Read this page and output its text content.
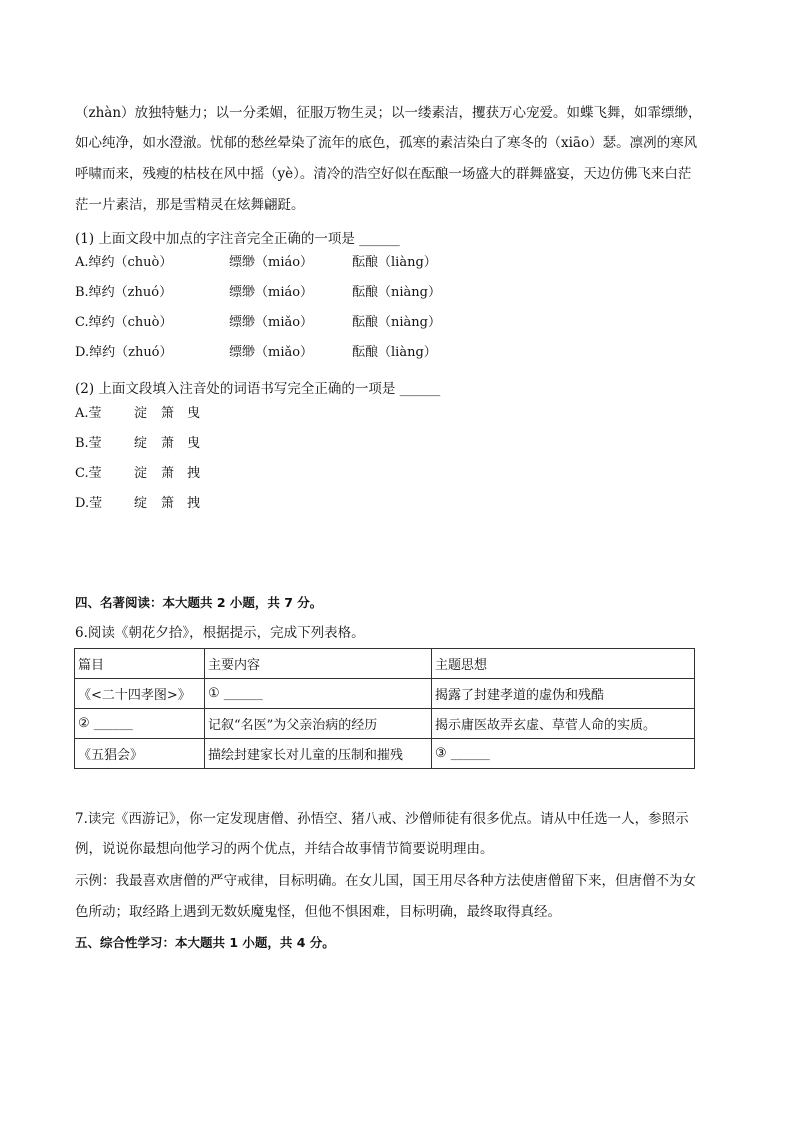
（zhàn）放独特魅力；以一分柔媚，征服万物生灵；以一缕素洁，攫获万心宠爱。如蝶飞舞，如霏缥缈，
如心纯净，如水澄澈。忧郁的愁丝晕染了流年的底色，孤寒的素洁染白了寒冬的（xiāo）瑟。凛冽的寒风
呼啸而来，残瘦的枯枝在风中摇（yè）。清冷的浩空好似在酝酿一场盛大的群舞盛宴，天边仿佛飞来白茫
茫一片素洁，那是雪精灵在炫舞翩跹。
(1) 上面文段中加点的字注音完全正确的一项是 ______
A.绰约（chuò）	缥缈（miáo）	酝酿（liàng）
B.绰约（zhuó）	缥缈（miáo）	酝酿（niàng）
C.绰约（chuò）	缥缈（miǎo）	酝酿（niàng）
D.绰约（zhuó）	缥缈（miǎo）	酝酿（liàng）
(2) 上面文段填入注音处的词语书写完全正确的一项是 ______
A.莹 淀 箫 曳
B.莹 绽 萧 曳
C.莹 淀 萧 拽
D.莹 绽 箫 拽
四、名著阅读：本大题共 2 小题，共 7 分。
6.阅读《朝花夕拾》，根据提示，完成下列表格。
篇目	主要内容	主题思想
《<二十四孝图>》	① ______	揭露了封建孝道的虚伪和残酷
② ______	记叙“名医”为父亲治病的经历	揭示庸医故弄玄虚、草菅人命的实质。
《五猖会》	描绘封建家长对儿童的压制和摧残	③ ______
7.读完《西游记》，你一定发现唐僧、孙悟空、猪八戒、沙僧师徒有很多优点。请从中任选一人，参照示
例，说说你最想向他学习的两个优点，并结合故事情节简要说明理由。
示例：我最喜欢唐僧的严守戒律，目标明确。在女儿国，国王用尽各种方法使唐僧留下来，但唐僧不为女
色所动；取经路上遇到无数妖魔鬼怪，但他不惧困难，目标明确，最终取得真经。
五、综合性学习：本大题共 1 小题，共 4 分。
